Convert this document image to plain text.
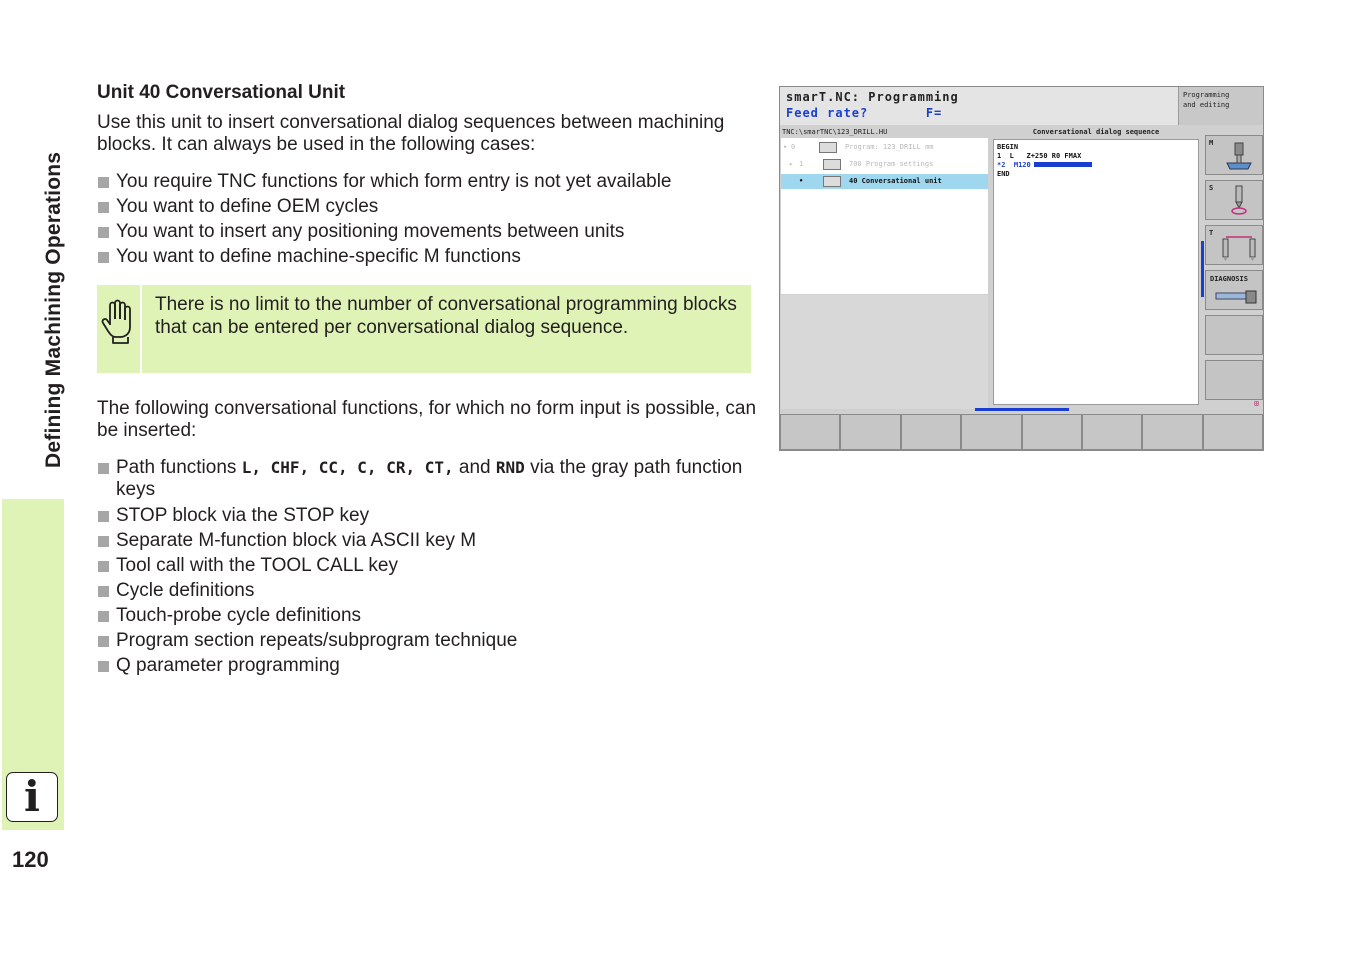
Defining Machining Operations
i
120
Unit 40 Conversational Unit
Use this unit to insert conversational dialog sequences between machining blocks. It can always be used in the following cases:
You require TNC functions for which form entry is not yet available
You want to define OEM cycles
You want to insert any positioning movements between units
You want to define machine-specific M functions
There is no limit to the number of conversational programming blocks that can be entered per conversational dialog sequence.
The following conversational functions, for which no form input is possible, can be inserted:
Path functions L, CHF, CC, C, CR, CT, and RND via the gray path function keys
STOP block via the STOP key
Separate M-function block via ASCII key M
Tool call with the TOOL CALL key
Cycle definitions
Touch-probe cycle definitions
Program section repeats/subprogram technique
Q parameter programming
smarT.NC: Programming
Feed rate?       F=
Programming
and editing
TNC:\smarTNC\123_DRILL.HU
▾ 0	Program: 123_DRILL mm
▸ 1	700 Program settings
•	40 Conversational unit
Conversational dialog sequence
BEGIN
1  L   Z+250 R0 FMAX
*2  M120
END
M
S
T
DIAGNOSIS
⊞
